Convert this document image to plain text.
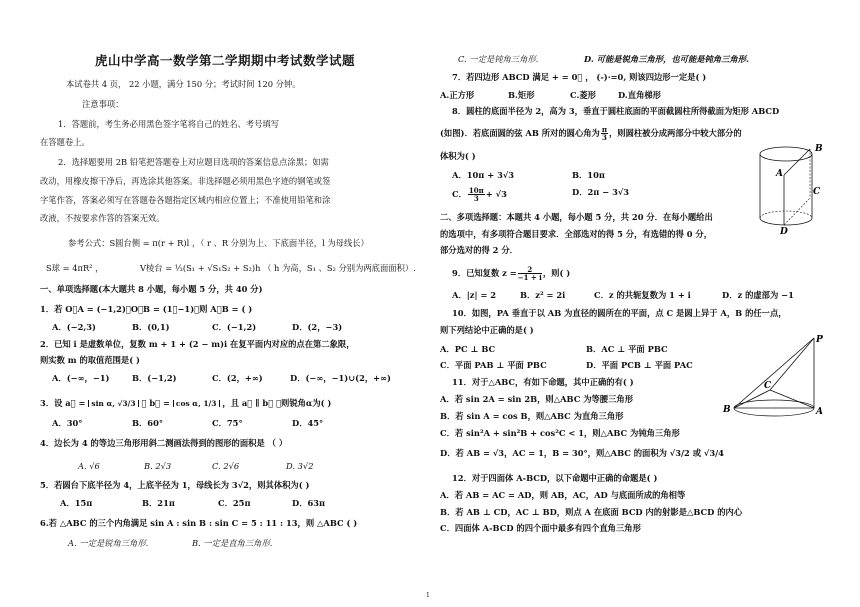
虎山中学高一数学第二学期期中考试数学试题
本试卷共 4 页， 22 小题，满分 150 分；考试时间 120 分钟。
注意事项：
1．答题前，考生务必用黑色签字笔将自己的姓名、考号填写
在答题卷上。
2．选择题要用 2B 铅笔把答题卷上对应题目选项的答案信息点涂黑；如需
改动，用橡皮擦干净后，再选涂其他答案。非选择题必须用黑色字迹的钢笔或签
字笔作答，答案必须写在答题卷各题指定区域内相应位置上；不准使用铅笔和涂
改液，不按要求作答的答案无效。
参考公式：S圆台侧 = π(r + R)l ，（ r 、R 分别为上、下底面半径，l 为母线长）
S球 = 4πR² ，	V棱台 = ⅓(S₁ + √S₁S₂ + S₂)h （ h 为高，S₁ 、S₂ 分别为两底面面积）.
一、单项选择题(本大题共 8 小题，每小题 5 分，共 40 分)
1．若 O⃗A = (−1,2)，O⃗B = (1，−1)，则 A⃗B = ( )
A．(−2,3)	B．(0,1)	C．(−1,2)	D．(2，−3)
2．已知 i 是虚数单位，复数 m + 1 + (2 − m)i 在复平面内对应的点在第二象限，
则实数 m 的取值范围是( )
A．(−∞，−1)	B．(−1,2)	C．(2，+∞)	D．(−∞，−1)∪(2，+∞)
3．设 a⃗ = sin α, √3/3 ， b⃗ = cos α, 1/3 ，且 a⃗ ∥ b⃗ ，则锐角α为( )
A．30°	B．60°	C．75°	D．45°
4．边长为 4 的等边三角形用斜二测画法得到的图形的面积是 （ ）
A. √6	B. 2√3	C. 2√6	D. 3√2
5．若圆台下底半径为 4，上底半径为 1，母线长为 3√2，则其体积为( )
A．15π	B．21π	C．25π	D．63π
6.若 △ABC 的三个内角满足 sin A : sin B : sin C = 5 : 11 : 13，则 △ABC ( )
A. 一定是锐角三角形.	B. 一定是直角三角形.
C. 一定是钝角三角形.	D. 可能是锐角三角形，也可能是钝角三角形.
7．若四边形 ABCD 满足 + = 0⃗ ， (-)·=0, 则该四边形一定是( )
A.正方形	B.矩形	C.菱形	D.直角梯形
8．圆柱的底面半径为 2，高为 3，垂直于圆柱底面的平面截圆柱所得截面为矩形 ABCD
(如图)．若底面圆的弦 AB 所对的圆心角为 $\frac{\pi}{3}$ ，则圆柱被分成两部分中较大部分的
体积为( )
A．10π + 3√3	B．10π
C． $\frac{10\pi}{3} + √3$	D．2π − 3√3
二、多项选择题：本题共 4 小题，每小题 5 分，共 20 分．在每小题给出
的选项中，有多项符合题目要求．全部选对的得 5 分，有选错的得 0 分，
部分选对的得 2 分．
9．已知复数 $z = \frac{2}{-1 + i}$ ，则( )
A．|z| = 2	B．z² = 2i	C．z 的共轭复数为 1 + i	D．z 的虚部为 −1
10．如图，PA 垂直于以 AB 为直径的圆所在的平面，点 C 是圆上异于 A，B 的任一点，
则下列结论中正确的是( )
A．PC ⊥ BC	B．AC ⊥ 平面 PBC
C．平面 PAB ⊥ 平面 PBC	D．平面 PCB ⊥ 平面 PAC
11．对于△ABC，有如下命题，其中正确的有( )
A．若 sin 2A = sin 2B，则△ABC 为等腰三角形
B．若 sin A = cos B，则△ABC 为直角三角形
C．若 sin²A + sin²B + cos²C < 1，则△ABC 为钝角三角形
D．若 AB = √3，AC = 1，B = 30°，则△ABC 的面积为 √3/2 或 √3/4
12．对于四面体 A-BCD，以下命题中正确的命题是( )
A．若 AB = AC = AD，则 AB，AC，AD 与底面所成的角相等
B．若 AB ⊥ CD，AC ⊥ BD，则点 A 在底面 BCD 内的射影是△BCD 的内心
C．四面体 A-BCD 的四个面中最多有四个直角三角形
B
A
C
D
P
C
B	A
1
